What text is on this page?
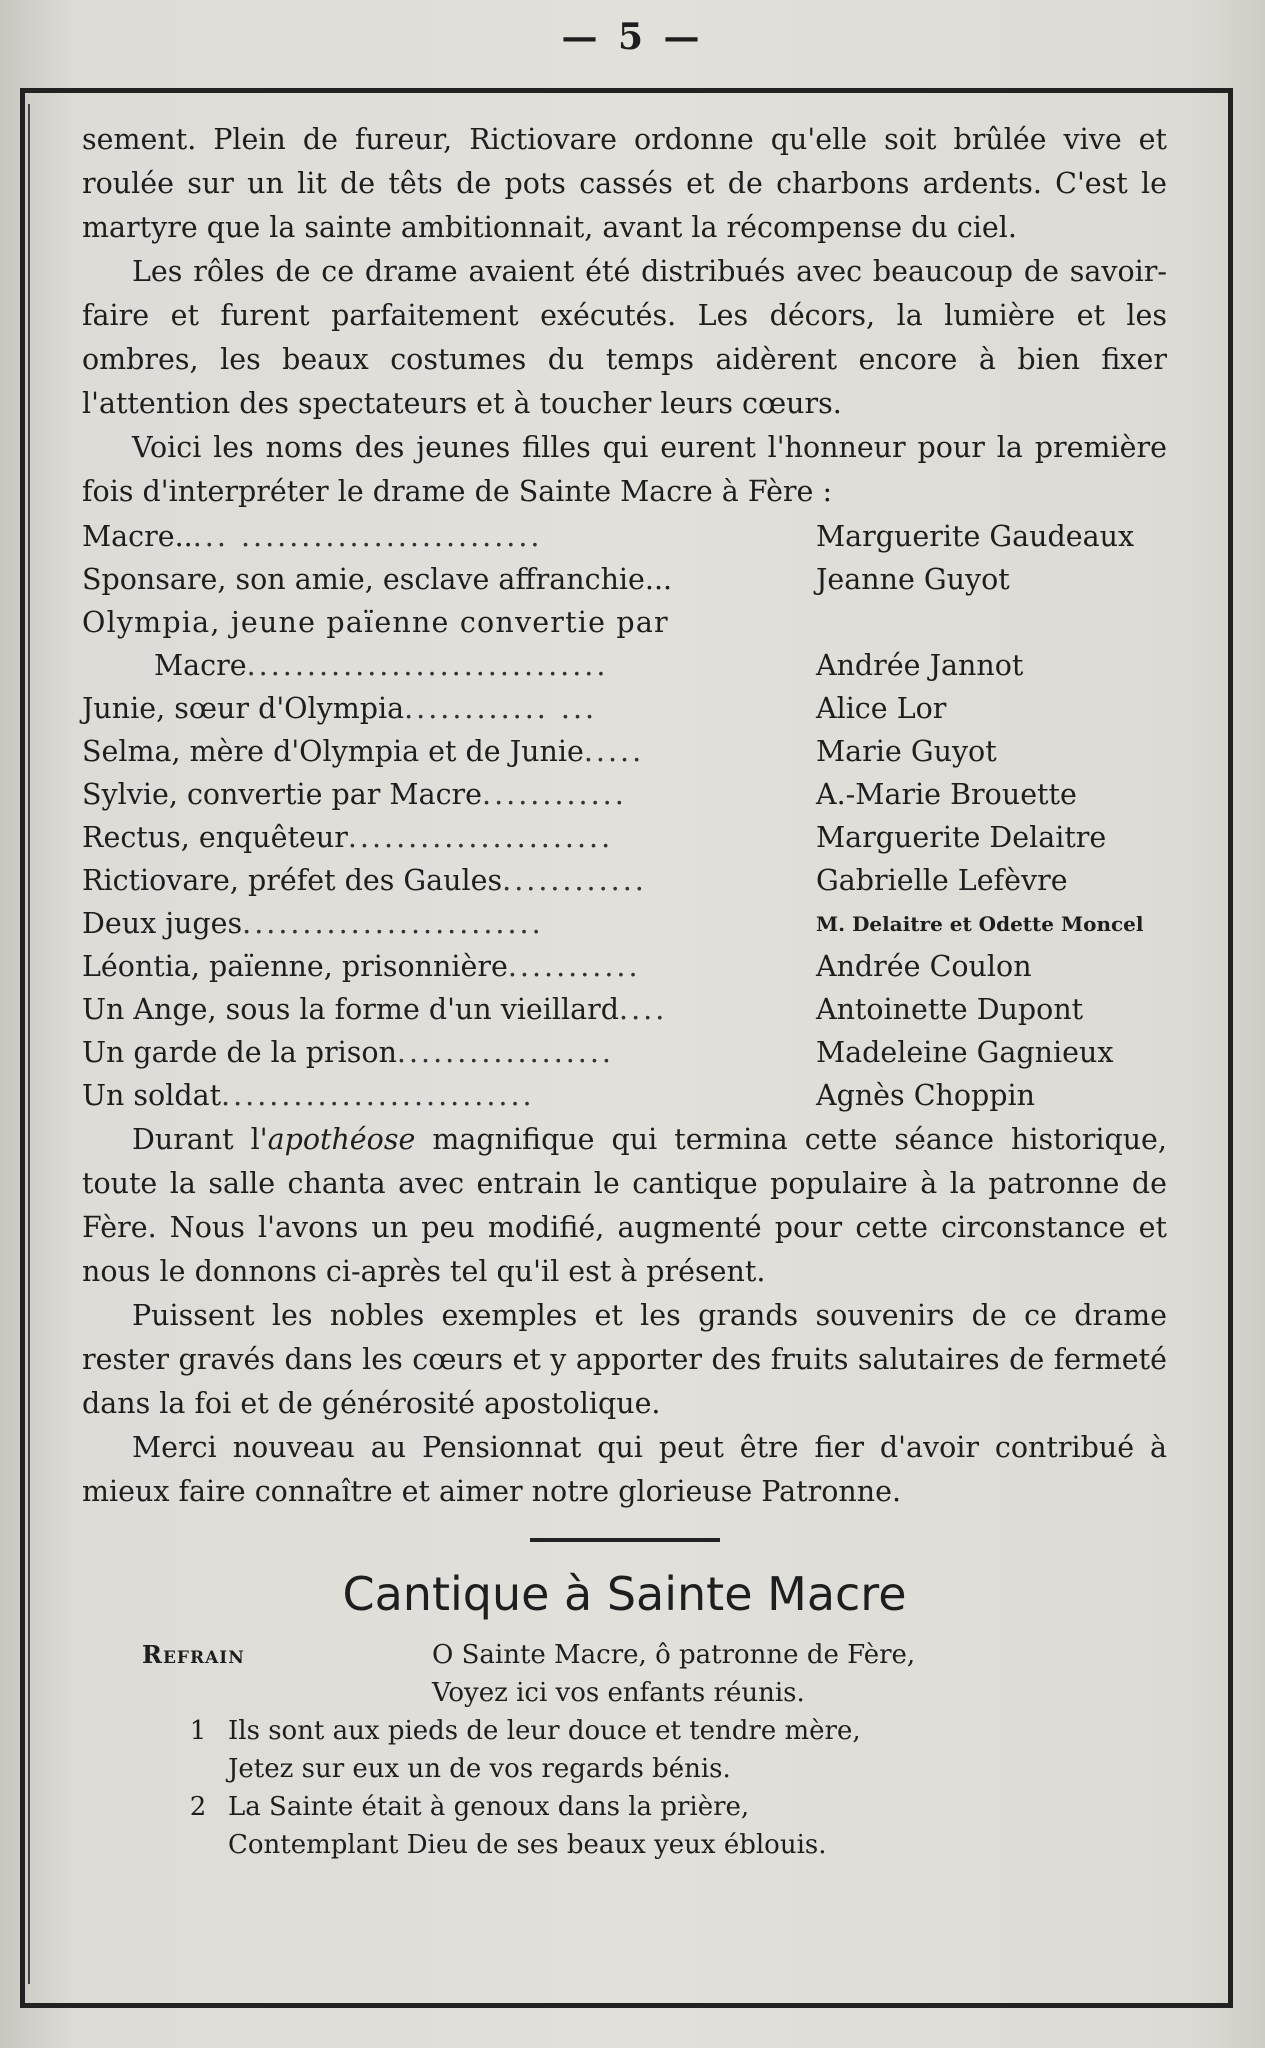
— 5 —

sement. Plein de fureur, Rictiovare ordonne qu'elle soit brûlée vive et roulée sur un lit de têts de pots cassés et de charbons ardents. C'est le martyre que la sainte ambitionnait, avant la récompense du ciel.

Les rôles de ce drame avaient été distribués avec beaucoup de savoir-faire et furent parfaitement exécutés. Les décors, la lumière et les ombres, les beaux costumes du temps aidèrent encore à bien fixer l'attention des spectateurs et à toucher leurs cœurs.

Voici les noms des jeunes filles qui eurent l'honneur pour la première fois d'interpréter le drame de Sainte Macre à Fère :

Macre..... .........................	Marguerite Gaudeaux
Sponsare, son amie, esclave affranchie...	Jeanne Guyot
Olympia, jeune païenne convertie par
Macre..............................	Andrée Jannot
Junie, sœur d'Olympia............ ...	Alice Lor
Selma, mère d'Olympia et de Junie.....	Marie Guyot
Sylvie, convertie par Macre............	A.-Marie Brouette
Rectus, enquêteur......................	Marguerite Delaitre
Rictiovare, préfet des Gaules............	Gabrielle Lefèvre
Deux juges.........................	M. Delaitre et Odette Moncel
Léontia, païenne, prisonnière...........	Andrée Coulon
Un Ange, sous la forme d'un vieillard....	Antoinette Dupont
Un garde de la prison..................	Madeleine Gagnieux
Un soldat..........................	Agnès Choppin

Durant l'apothéose magnifique qui termina cette séance historique, toute la salle chanta avec entrain le cantique populaire à la patronne de Fère. Nous l'avons un peu modifié, augmenté pour cette circonstance et nous le donnons ci-après tel qu'il est à présent.

Puissent les nobles exemples et les grands souvenirs de ce drame rester gravés dans les cœurs et y apporter des fruits salutaires de fermeté dans la foi et de générosité apostolique.

Merci nouveau au Pensionnat qui peut être fier d'avoir contribué à mieux faire connaître et aimer notre glorieuse Patronne.

Cantique à Sainte Macre
Refrain	O Sainte Macre, ô patronne de Fère,
Voyez ici vos enfants réunis.
1 Ils sont aux pieds de leur douce et tendre mère,
Jetez sur eux un de vos regards bénis.
2 La Sainte était à genoux dans la prière,
Contemplant Dieu de ses beaux yeux éblouis.
